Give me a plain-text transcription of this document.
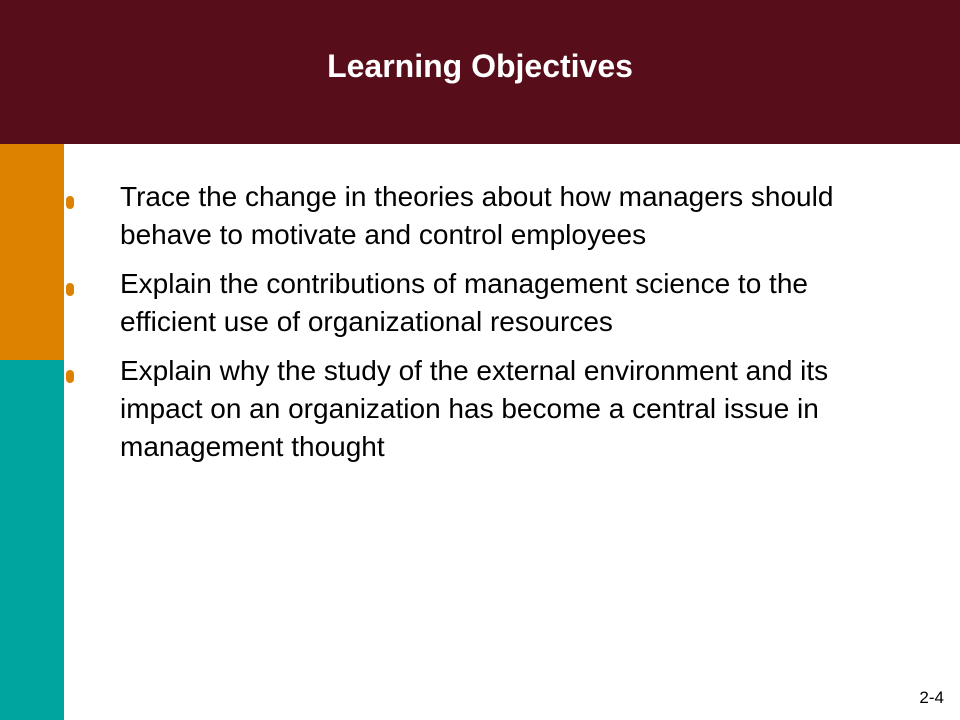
Learning Objectives
Trace the change in theories about how managers should behave to motivate and control employees
Explain the contributions of management science to the efficient use of organizational resources
Explain why the study of the external environment and its impact on an organization has become a central issue in management thought
2-4
